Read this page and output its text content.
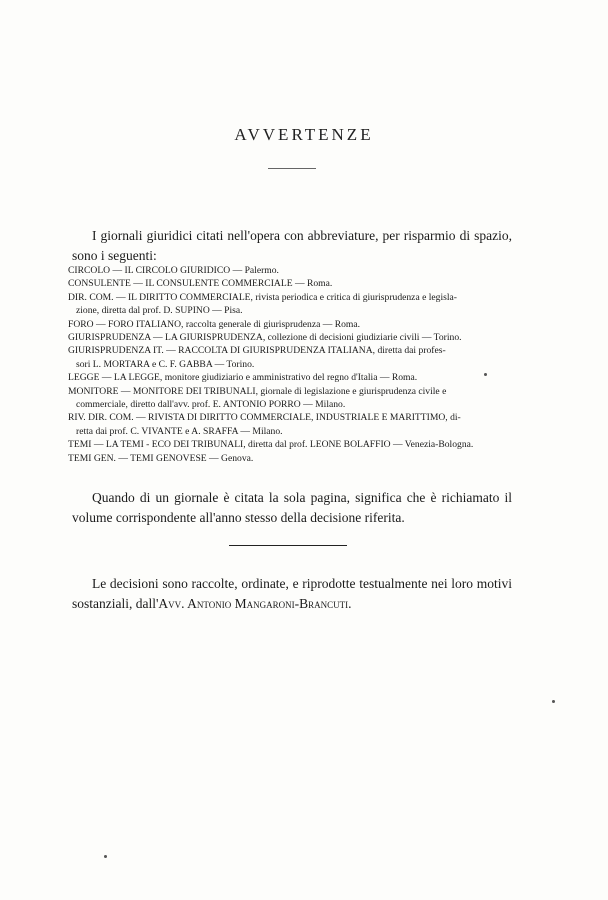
AVVERTENZE

I giornali giuridici citati nell'opera con abbreviature, per risparmio di spazio, sono i seguenti:

CIRCOLO — IL CIRCOLO GIURIDICO — Palermo.
CONSULENTE — IL CONSULENTE COMMERCIALE — Roma.
DIR. COM. — IL DIRITTO COMMERCIALE, rivista periodica e critica di giurisprudenza e legisla-
zione, diretta dal prof. D. SUPINO — Pisa.
FORO — FORO ITALIANO, raccolta generale di giurisprudenza — Roma.
GIURISPRUDENZA — LA GIURISPRUDENZA, collezione di decisioni giudiziarie civili — Torino.
GIURISPRUDENZA IT. — RACCOLTA DI GIURISPRUDENZA ITALIANA, diretta dai profes-
sori L. MORTARA e C. F. GABBA — Torino.
LEGGE — LA LEGGE, monitore giudiziario e amministrativo del regno d'Italia — Roma.
MONITORE — MONITORE DEI TRIBUNALI, giornale di legislazione e giurisprudenza civile e
commerciale, diretto dall'avv. prof. E. ANTONIO PORRO — Milano.
RIV. DIR. COM. — RIVISTA DI DIRITTO COMMERCIALE, INDUSTRIALE E MARITTIMO, di-
retta dai prof. C. VIVANTE e A. SRAFFA — Milano.
TEMI — LA TEMI - ECO DEI TRIBUNALI, diretta dal prof. LEONE BOLAFFIO — Venezia-Bologna.
TEMI GEN. — TEMI GENOVESE — Genova.

Quando di un giornale è citata la sola pagina, significa che è richiamato il volume corrispondente all'anno stesso della decisione riferita.

Le decisioni sono raccolte, ordinate, e riprodotte testualmente nei loro motivi sostanziali, dall'Avv. Antonio Mangaroni-Brancuti.
